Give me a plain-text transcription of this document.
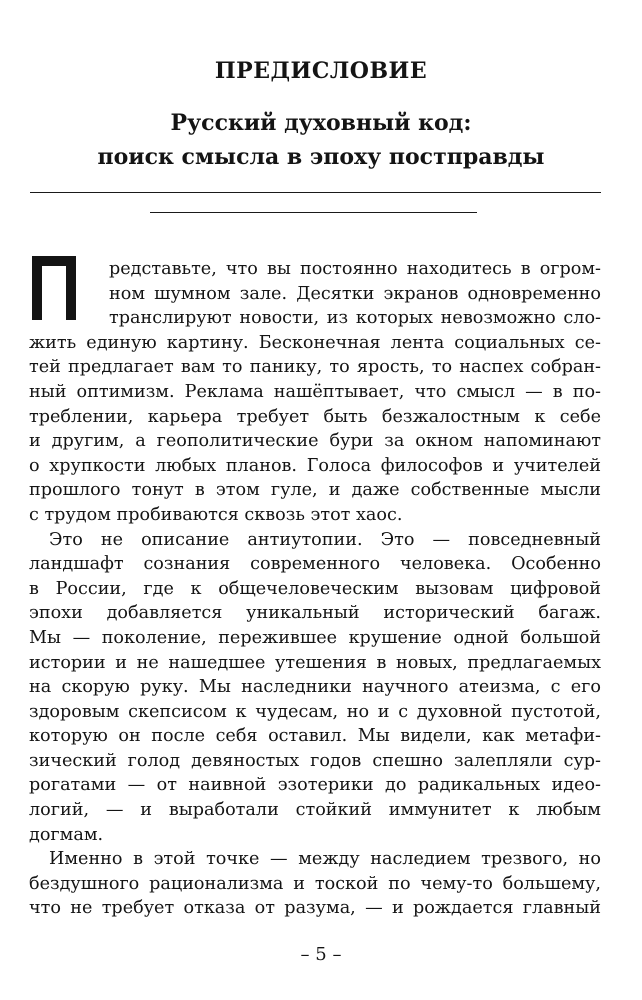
ПРЕДИСЛОВИЕ
Русский духовный код:
поиск смысла в эпоху постправды
редставьте, что вы постоянно находитесь в огром-
ном шумном зале. Десятки экранов одновременно
транслируют новости, из которых невозможно сло-
жить единую картину. Бесконечная лента социальных се-
тей предлагает вам то панику, то ярость, то наспех собран-
ный оптимизм. Реклама нашёптывает, что смысл — в по-
треблении, карьера требует быть безжалостным к себе
и другим, а геополитические бури за окном напоминают
о хрупкости любых планов. Голоса философов и учителей
прошлого тонут в этом гуле, и даже собственные мысли
с трудом пробиваются сквозь этот хаос.
Это не описание антиутопии. Это — повседневный
ландшафт сознания современного человека. Особенно
в России, где к общечеловеческим вызовам цифровой
эпохи добавляется уникальный исторический багаж.
Мы — поколение, пережившее крушение одной большой
истории и не нашедшее утешения в новых, предлагаемых
на скорую руку. Мы наследники научного атеизма, с его
здоровым скепсисом к чудесам, но и с духовной пустотой,
которую он после себя оставил. Мы видели, как метафи-
зический голод девяностых годов спешно залепляли сур-
рогатами — от наивной эзотерики до радикальных идео-
логий, — и выработали стойкий иммунитет к любым
догмам.
Именно в этой точке — между наследием трезвого, но
бездушного рационализма и тоской по чему-то большему,
что не требует отказа от разума, — и рождается главный
– 5 –
